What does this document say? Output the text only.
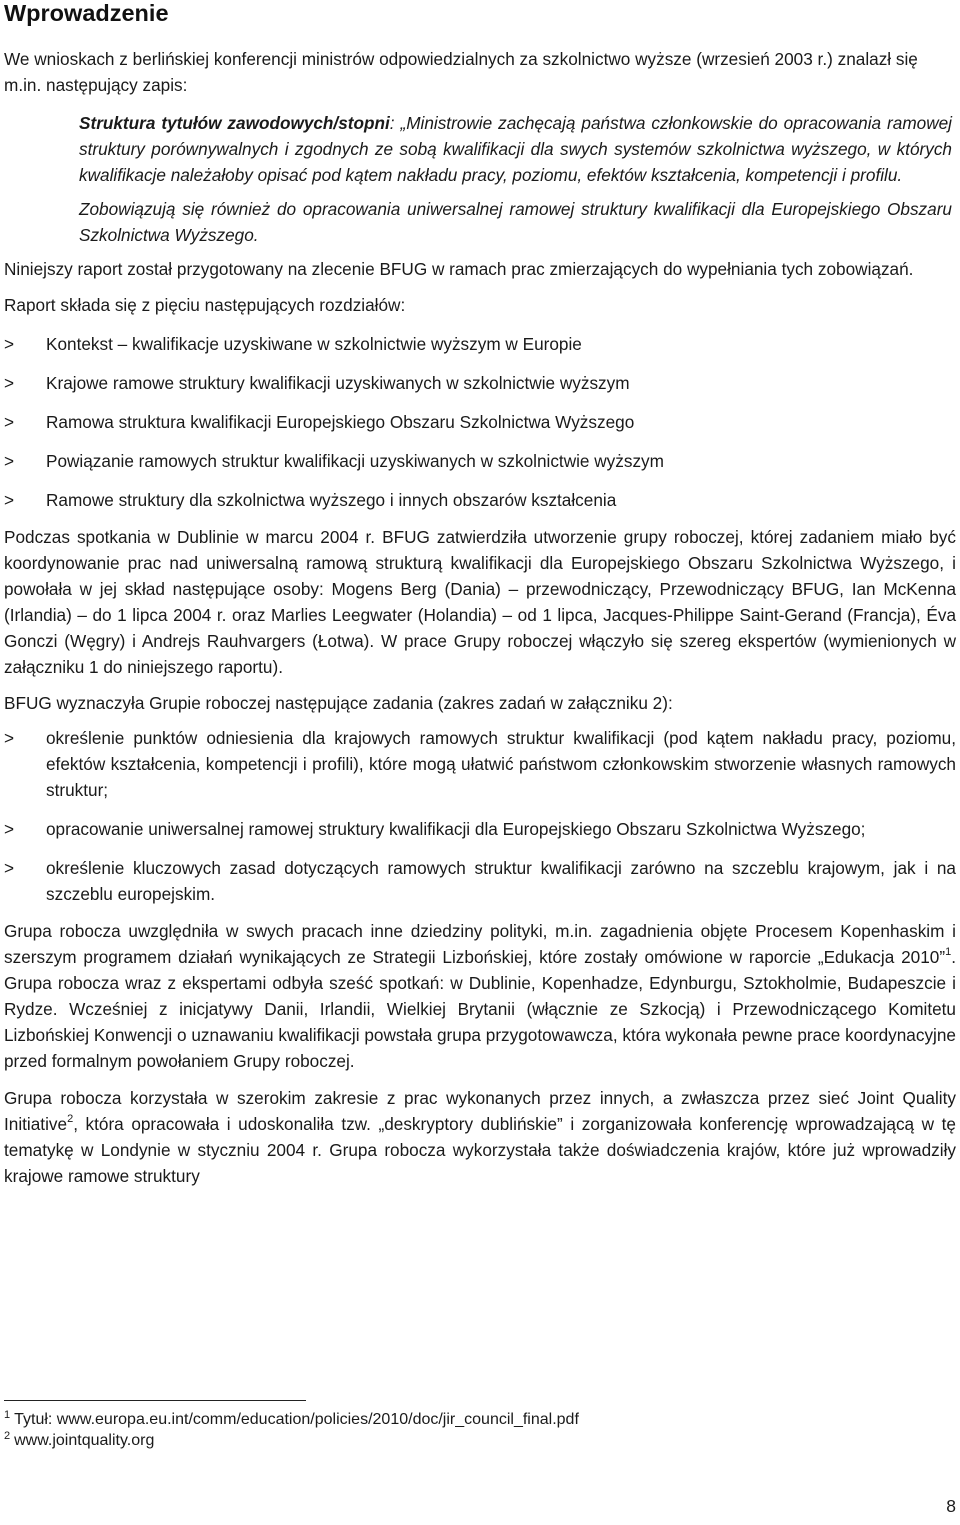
Wprowadzenie

We wnioskach z berlińskiej konferencji ministrów odpowiedzialnych za szkolnictwo wyższe (wrzesień 2003 r.) znalazł się m.in. następujący zapis:

Struktura tytułów zawodowych/stopni: „Ministrowie zachęcają państwa członkowskie do opracowania ramowej struktury porównywalnych i zgodnych ze sobą kwalifikacji dla swych systemów szkolnictwa wyższego, w których kwalifikacje należałoby opisać pod kątem nakładu pracy, poziomu, efektów kształcenia, kompetencji i profilu.

Zobowiązują się również do opracowania uniwersalnej ramowej struktury kwalifikacji dla Europejskiego Obszaru Szkolnictwa Wyższego.

Niniejszy raport został przygotowany na zlecenie BFUG w ramach prac zmierzających do wypełniania tych zobowiązań.

Raport składa się z pięciu następujących rozdziałów:

> Kontekst – kwalifikacje uzyskiwane w szkolnictwie wyższym w Europie
> Krajowe ramowe struktury kwalifikacji uzyskiwanych w szkolnictwie wyższym
> Ramowa struktura kwalifikacji Europejskiego Obszaru Szkolnictwa Wyższego
> Powiązanie ramowych struktur kwalifikacji uzyskiwanych w szkolnictwie wyższym
> Ramowe struktury dla szkolnictwa wyższego i innych obszarów kształcenia

Podczas spotkania w Dublinie w marcu 2004 r. BFUG zatwierdziła utworzenie grupy roboczej, której zadaniem miało być koordynowanie prac nad uniwersalną ramową strukturą kwalifikacji dla Europejskiego Obszaru Szkolnictwa Wyższego, i powołała w jej skład następujące osoby: Mogens Berg (Dania) – przewodniczący, Przewodniczący BFUG, Ian McKenna (Irlandia) – do 1 lipca 2004 r. oraz Marlies Leegwater (Holandia) – od 1 lipca, Jacques-Philippe Saint-Gerand (Francja), Éva Gonczi (Węgry) i Andrejs Rauhvargers (Łotwa). W prace Grupy roboczej włączyło się szereg ekspertów (wymienionych w załączniku 1 do niniejszego raportu).

BFUG wyznaczyła Grupie roboczej następujące zadania (zakres zadań w załączniku 2):

> określenie punktów odniesienia dla krajowych ramowych struktur kwalifikacji (pod kątem nakładu pracy, poziomu, efektów kształcenia, kompetencji i profili), które mogą ułatwić państwom członkowskim stworzenie własnych ramowych struktur;
> opracowanie uniwersalnej ramowej struktury kwalifikacji dla Europejskiego Obszaru Szkolnictwa Wyższego;
> określenie kluczowych zasad dotyczących ramowych struktur kwalifikacji zarówno na szczeblu krajowym, jak i na szczeblu europejskim.

Grupa robocza uwzględniła w swych pracach inne dziedziny polityki, m.in. zagadnienia objęte Procesem Kopenhaskim i szerszym programem działań wynikających ze Strategii Lizbońskiej, które zostały omówione w raporcie „Edukacja 2010”$^1$. Grupa robocza wraz z ekspertami odbyła sześć spotkań: w Dublinie, Kopenhadze, Edynburgu, Sztokholmie, Budapeszcie i Rydze. Wcześniej z inicjatywy Danii, Irlandii, Wielkiej Brytanii (włącznie ze Szkocją) i Przewodniczącego Komitetu Lizbońskiej Konwencji o uznawaniu kwalifikacji powstała grupa przygotowawcza, która wykonała pewne prace koordynacyjne przed formalnym powołaniem Grupy roboczej.

Grupa robocza korzystała w szerokim zakresie z prac wykonanych przez innych, a zwłaszcza przez sieć Joint Quality Initiative$^2$, która opracowała i udoskonaliła tzw. „deskryptory dublińskie” i zorganizowała konferencję wprowadzającą w tę tematykę w Londynie w styczniu 2004 r. Grupa robocza wykorzystała także doświadczenia krajów, które już wprowadziły krajowe ramowe struktury

$^1$ Tytuł: www.europa.eu.int/comm/education/policies/2010/doc/jir_council_final.pdf
$^2$ www.jointquality.org
8
